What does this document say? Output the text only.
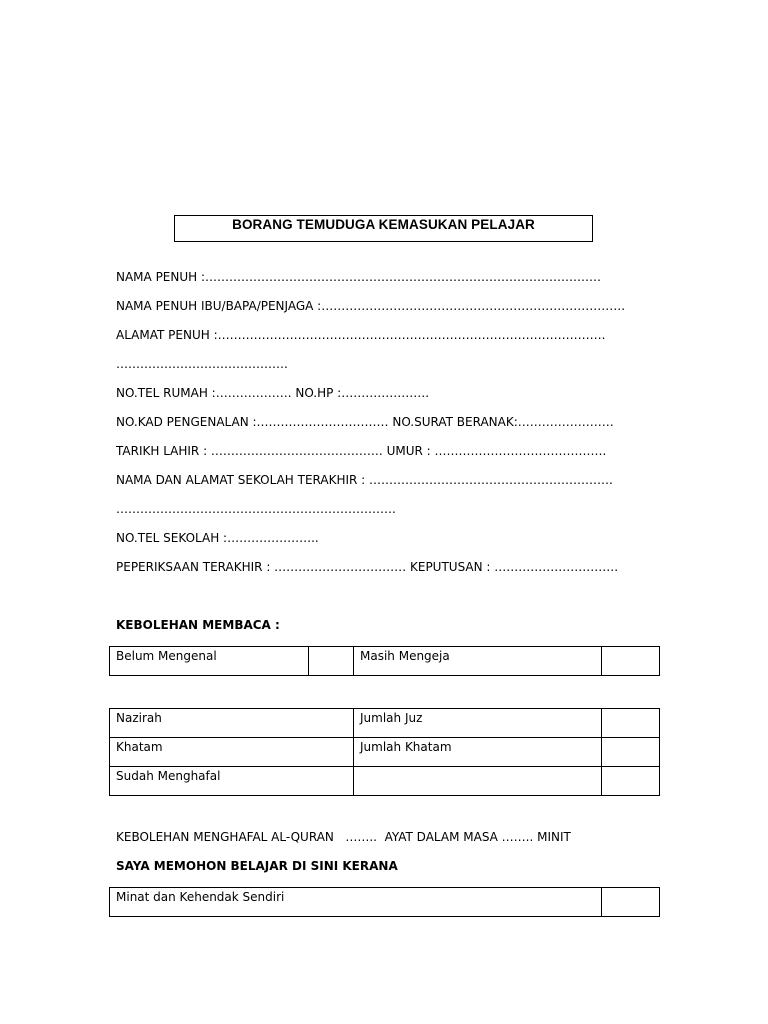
BORANG TEMUDUGA KEMASUKAN PELAJAR
NAMA PENUH :………………………………………………………………………………………
NAMA PENUH IBU/BAPA/PENJAGA :………………………………………………………………….
ALAMAT PENUH :…………………………………………………………………………………….
…………………………………….
NO.TEL RUMAH :………………. NO.HP :………………….
NO.KAD PENGENALAN :…………………………… NO.SURAT BERANAK:……………………
TARIKH LAHIR : ……………………………………. UMUR : …………………………………….
NAMA DAN ALAMAT SEKOLAH TERAKHIR : …………………………………………………….
…………………………………………………………….
NO.TEL SEKOLAH :…………………..
PEPERIKSAAN TERAKHIR : …………………………… KEPUTUSAN : ………………………….
KEBOLEHAN MEMBACA :
Belum Mengenal		Masih Mengeja	
Nazirah	Jumlah Juz	
Khatam	Jumlah Khatam	
Sudah Menghafal		
KEBOLEHAN MENGHAFAL AL-QURAN   ……..  AYAT DALAM MASA …….. MINIT
SAYA MEMOHON BELAJAR DI SINI KERANA
Minat dan Kehendak Sendiri	
